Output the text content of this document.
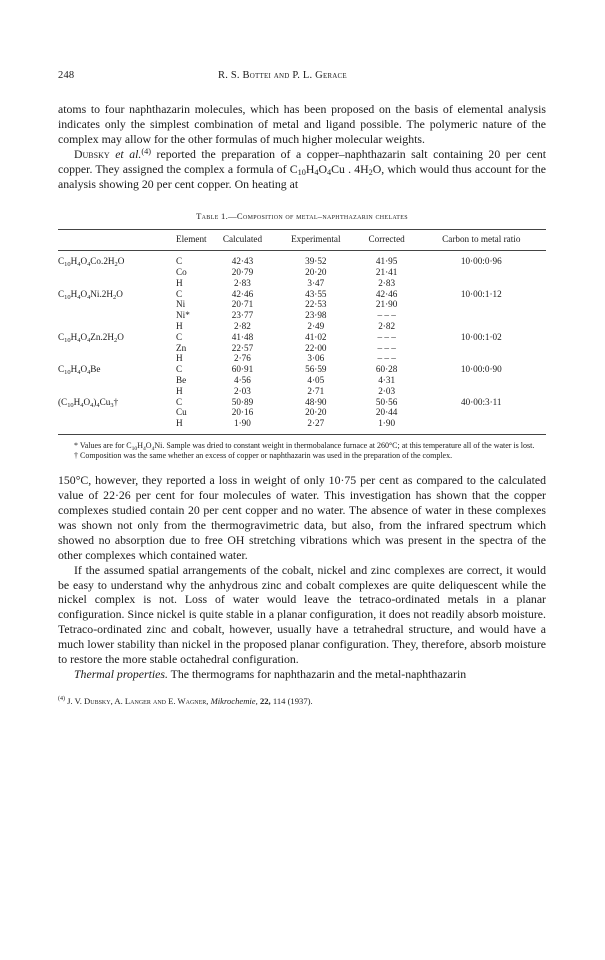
248	R. S. Bottei and P. L. Gerace

atoms to four naphthazarin molecules, which has been proposed on the basis of elemental analysis indicates only the simplest combination of metal and ligand possible. The polymeric nature of the complex may allow for the other formulas of much higher molecular weights.

Dubsky et al.$^{(4)}$ reported the preparation of a copper–naphthazarin salt containing 20 per cent copper. They assigned the complex a formula of $C_{10}H_4O_4Cu$ . $4H_2O$, which would thus account for the analysis showing 20 per cent copper. On heating at

Table 1.—Composition of metal–naphthazarin chelates
	Element	Calculated	Experimental	Corrected	Carbon to metal ratio
$C_{10}H_4O_4Co.2H_2O$	C	42·43	39·52	41·95	10·00:0·96
	Co	20·79	20·20	21·41	
	H	2·83	3·47	2·83	
$C_{10}H_4O_4Ni.2H_2O$	C	42·46	43·55	42·46	10·00:1·12
	Ni	20·71	22·53	21·90	
	Ni*	23·77	23·98	– – –	
	H	2·82	2·49	2·82	
$C_{10}H_4O_4Zn.2H_2O$	C	41·48	41·02	– – –	10·00:1·02
	Zn	22·57	22·00	– – –	
	H	2·76	3·06	– – –	
$C_{10}H_4O_4Be$	C	60·91	56·59	60·28	10·00:0·90
	Be	4·56	4·05	4·31	
	H	2·03	2·71	2·03	
$(C_{10}H_4O_4)_4Cu_3\dagger$	C	50·89	48·90	50·56	40·00:3·11
	Cu	20·16	20·20	20·44	
	H	1·90	2·27	1·90	

* Values are for $C_{10}H_4O_4Ni$. Sample was dried to constant weight in thermobalance furnace at 260°C; at this temperature all of the water is lost.

† Composition was the same whether an excess of copper or naphthazarin was used in the preparation of the complex.

150°C, however, they reported a loss in weight of only 10·75 per cent as compared to the calculated value of 22·26 per cent for four molecules of water. This investigation has shown that the copper complexes studied contain 20 per cent copper and no water. The absence of water in these complexes was shown not only from the thermogravimetric data, but also, from the infrared spectrum which showed no absorption due to free OH stretching vibrations which was present in the spectra of the other complexes which contained water.

If the assumed spatial arrangements of the cobalt, nickel and zinc complexes are correct, it would be easy to understand why the anhydrous zinc and cobalt complexes are quite deliquescent while the nickel complex is not. Loss of water would leave the tetraco-ordinated metals in a planar configuration. Since nickel is quite stable in a planar configuration, it does not readily absorb moisture. Tetraco-ordinated zinc and cobalt, however, usually have a tetrahedral structure, and would have a much lower stability than nickel in the proposed planar configuration. They, therefore, absorb moisture to restore the more stable octahedral configuration.

Thermal properties. The thermograms for naphthazarin and the metal-naphthazarin

$^{(4)}$ J. V. Dubsky, A. Langer and E. Wagner, Mikrochemie, 22, 114 (1937).
